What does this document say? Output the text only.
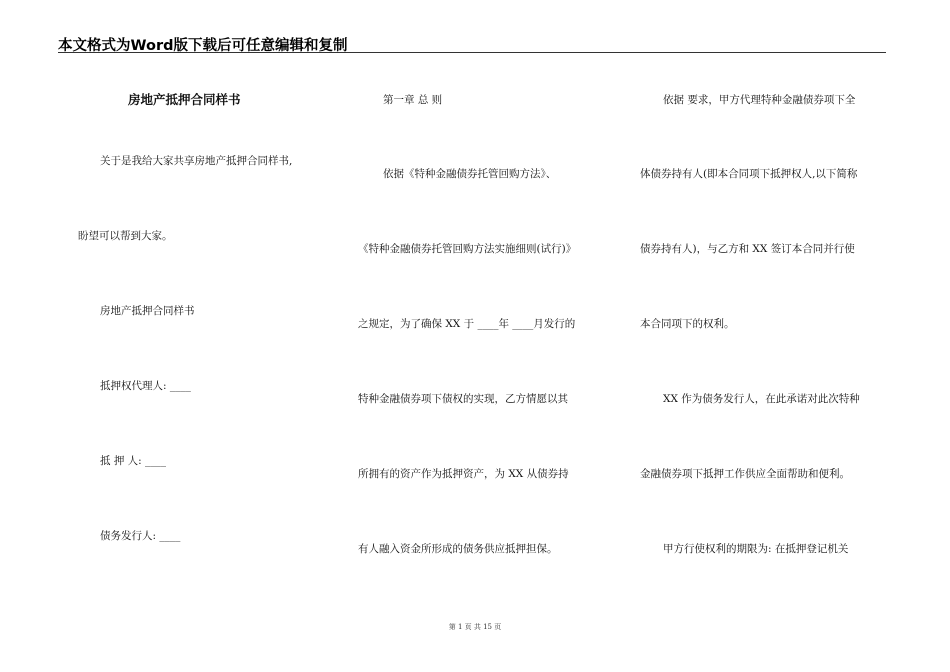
本文格式为Word版下载后可任意编辑和复制
房地产抵押合同样书
关于是我给大家共享房地产抵押合同样书,
盼望可以帮到大家。
房地产抵押合同样书
抵押权代理人: ____
抵 押 人: ____
债务发行人: ____
第一章 总 则
依据《特种金融债券托管回购方法》、
《特种金融债券托管回购方法实施细则(试行)》
之规定，为了确保 XX 于 ____年 ____月发行的
特种金融债券项下债权的实现，乙方情愿以其
所拥有的资产作为抵押资产，为 XX 从债券持
有人融入资金所形成的债务供应抵押担保。
依据 要求，甲方代理特种金融债券项下全
体债券持有人(即本合同项下抵押权人,以下简称
债券持有人)，与乙方和 XX 签订本合同并行使
本合同项下的权利。
XX 作为债务发行人，在此承诺对此次特种
金融债券项下抵押工作供应全面帮助和便利。
甲方行使权利的期限为: 在抵押登记机关
第 1 页 共 15 页
